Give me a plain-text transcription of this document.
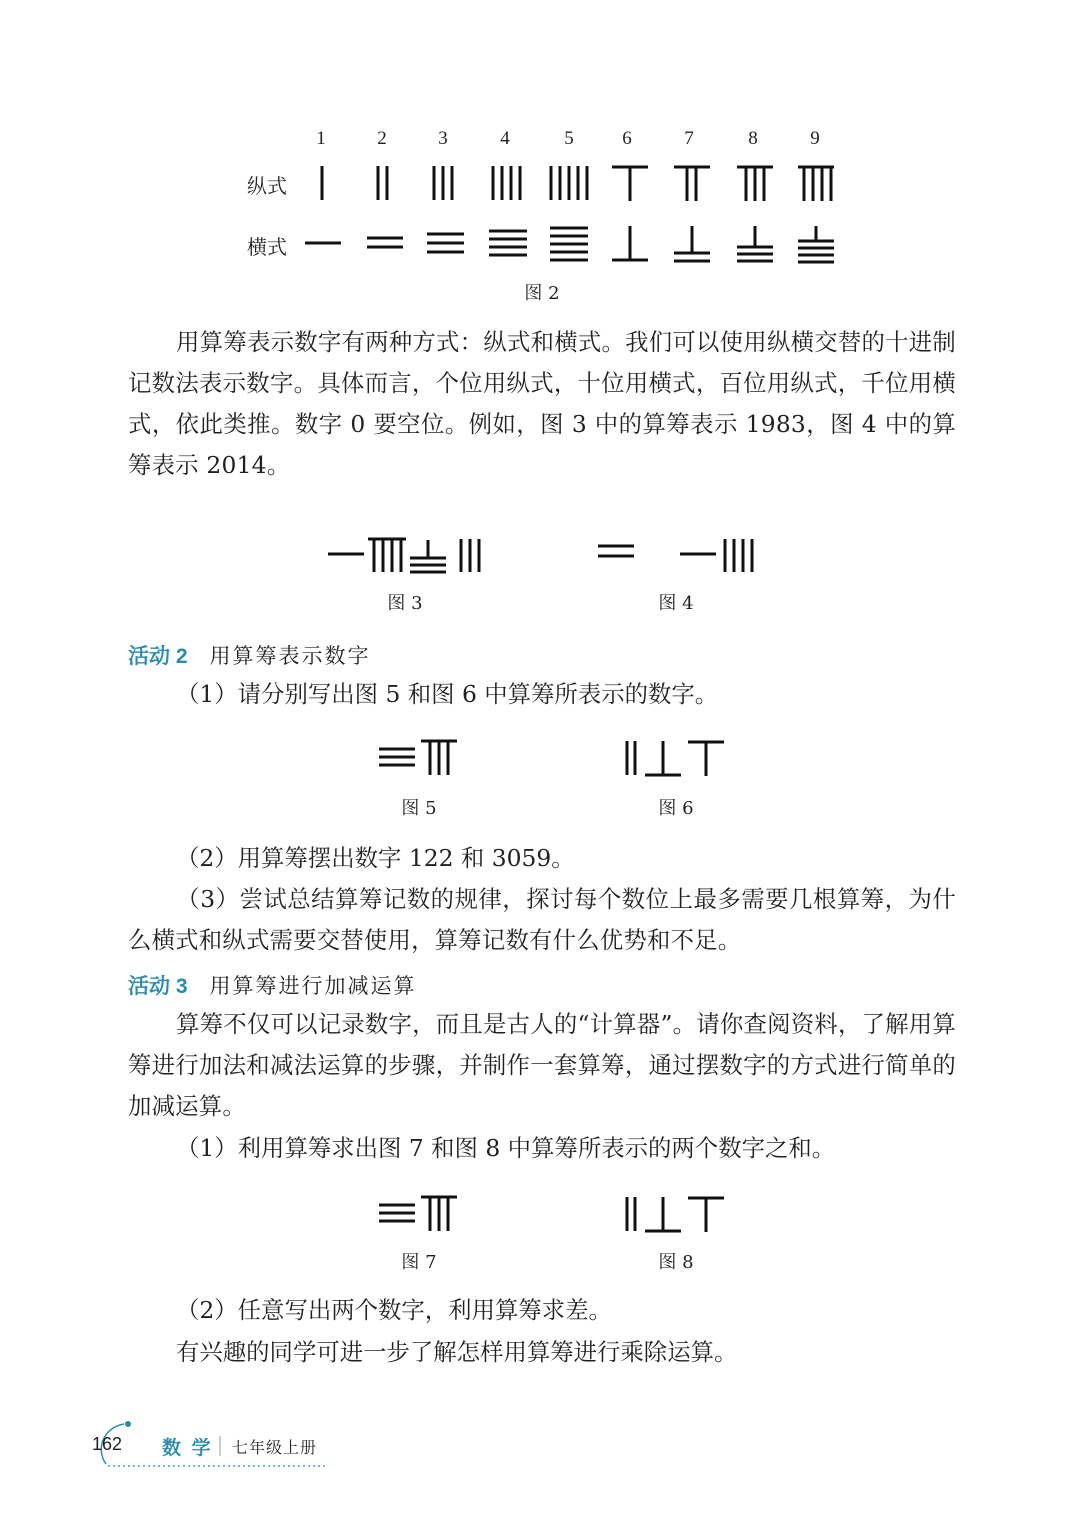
1	2	3	4	5	6	7	8	9
纵式
横式
图 2
用算筹表示数字有两种方式：纵式和横式。我们可以使用纵横交替的十进制记数法表示数字。具体而言，个位用纵式，十位用横式，百位用纵式，千位用横式，依此类推。数字 0 要空位。例如，图 3 中的算筹表示 1983，图 4 中的算筹表示 2014。
图 3	图 4
活动 2 用算筹表示数字
（1）请分别写出图 5 和图 6 中算筹所表示的数字。
图 5	图 6
（2）用算筹摆出数字 122 和 3059。
（3）尝试总结算筹记数的规律，探讨每个数位上最多需要几根算筹，为什么横式和纵式需要交替使用，算筹记数有什么优势和不足。
活动 3 用算筹进行加减运算
算筹不仅可以记录数字，而且是古人的“计算器”。请你查阅资料，了解用算筹进行加法和减法运算的步骤，并制作一套算筹，通过摆数字的方式进行简单的加减运算。
（1）利用算筹求出图 7 和图 8 中算筹所表示的两个数字之和。
图 7	图 8
（2）任意写出两个数字，利用算筹求差。
有兴趣的同学可进一步了解怎样用算筹进行乘除运算。
162 数 学 七年级上册
